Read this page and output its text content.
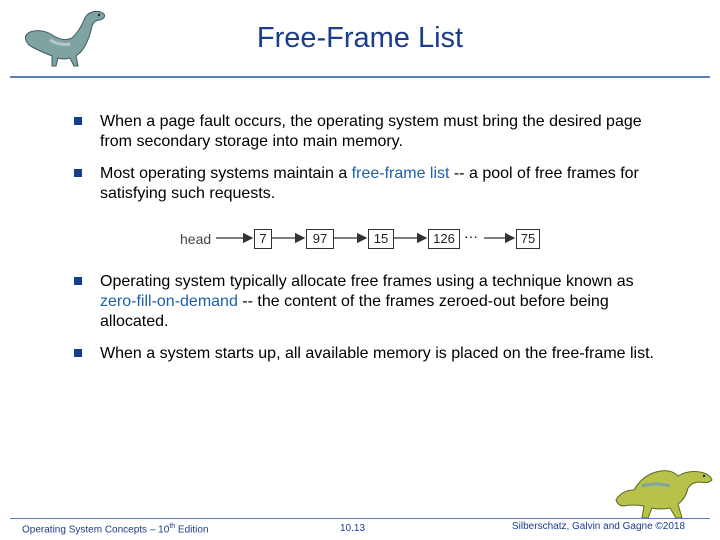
Free-Frame List
When a page fault occurs, the operating system must bring the desired page from secondary storage into main memory.
Most operating systems maintain a free-frame list -- a pool of free frames for satisfying such requests.
head	7	97	15	126 ···	75
Operating system typically allocate free frames using a technique known as zero-fill-on-demand -- the content of the frames zeroed-out before being allocated.
When a system starts up, all available memory is placed on the free-frame list.
Operating System Concepts – 10th Edition	10.13	Silberschatz, Galvin and Gagne ©2018
